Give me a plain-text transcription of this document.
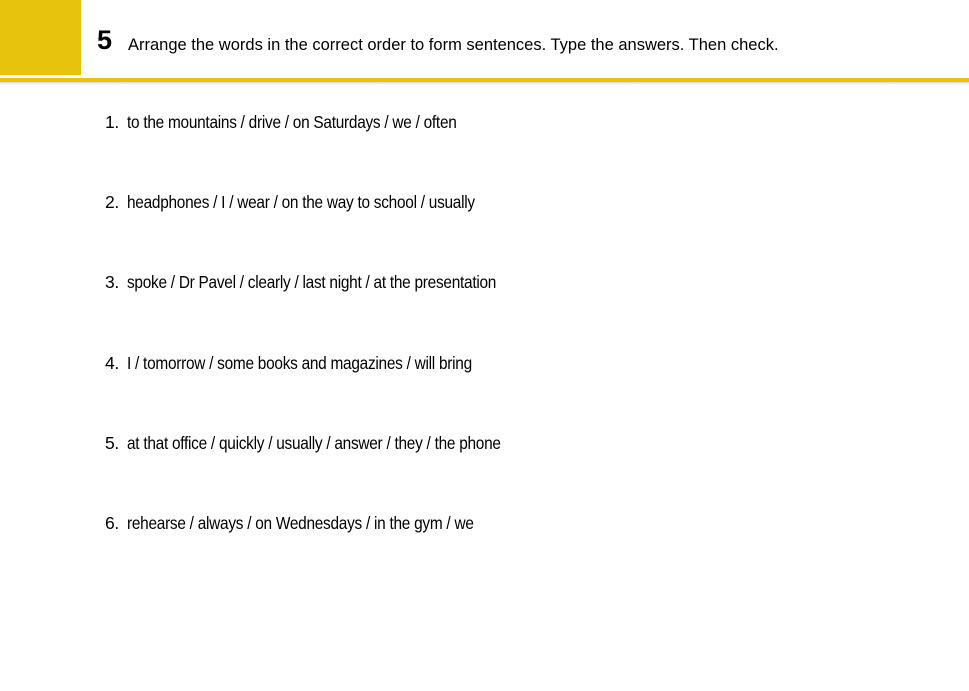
5 Arrange the words in the correct order to form sentences. Type the answers. Then check.
1. to the mountains / drive / on Saturdays / we / often
2. headphones / I / wear / on the way to school / usually
3. spoke / Dr Pavel / clearly / last night / at the presentation
4. I / tomorrow / some books and magazines / will bring
5. at that office / quickly / usually / answer / they / the phone
6. rehearse / always / on Wednesdays / in the gym / we
